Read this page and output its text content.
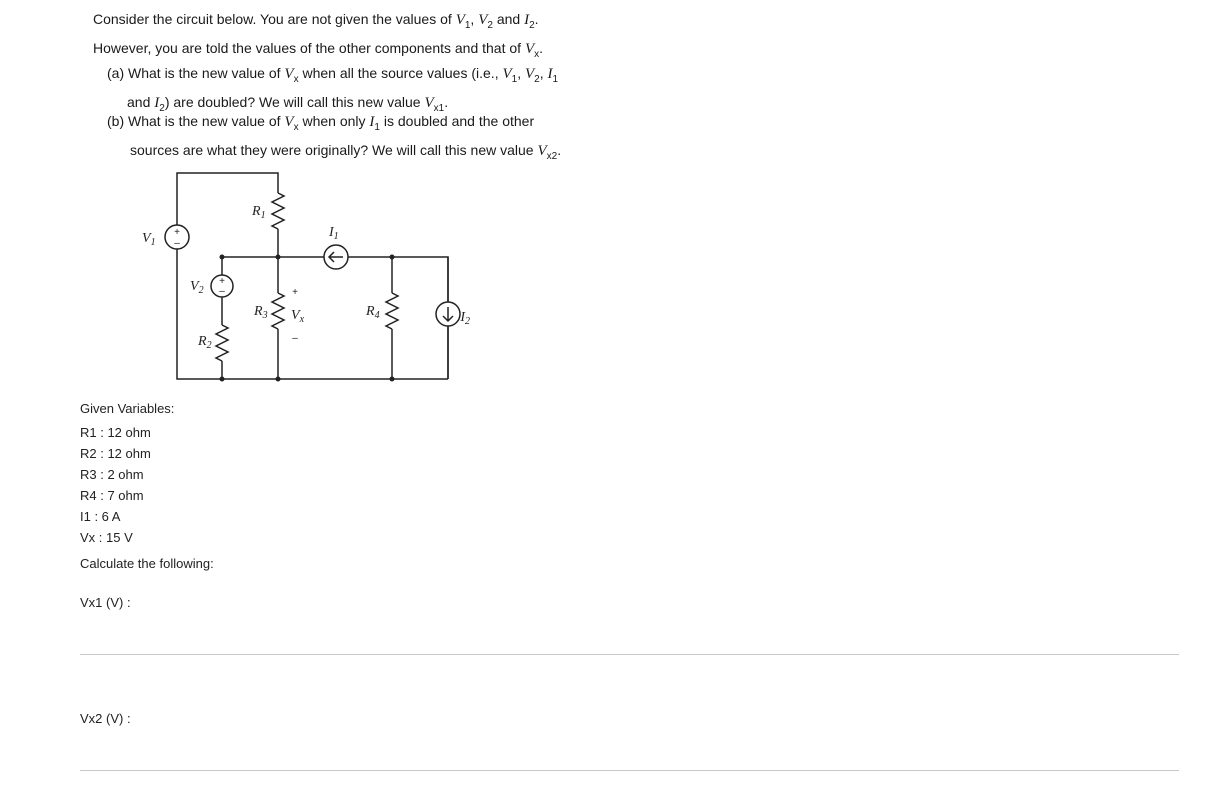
Consider the circuit below. You are not given the values of $V_1$, $V_2$ and $I_2$.
However, you are told the values of the other components and that of $V_x$.
(a) What is the new value of $V_x$ when all the source values (i.e., $V_1$, $V_2$, $I_1$
and $I_2$) are doubled? We will call this new value $V_{x1}$.
(b) What is the new value of $V_x$ when only $I_1$ is doubled and the other
sources are what they were originally? We will call this new value $V_{x2}$.
$R_1$
$V_1$
$V_2$
$R_2$
$R_3$ $V_x$
$I_1$
$R_4$	$I_2$
+
–
+
–	+
–
Given Variables:
R1 : 12 ohm
R2 : 12 ohm
R3 : 2 ohm
R4 : 7 ohm
I1 : 6 A
Vx : 15 V
Calculate the following:
Vx1 (V) :
Vx2 (V) :
